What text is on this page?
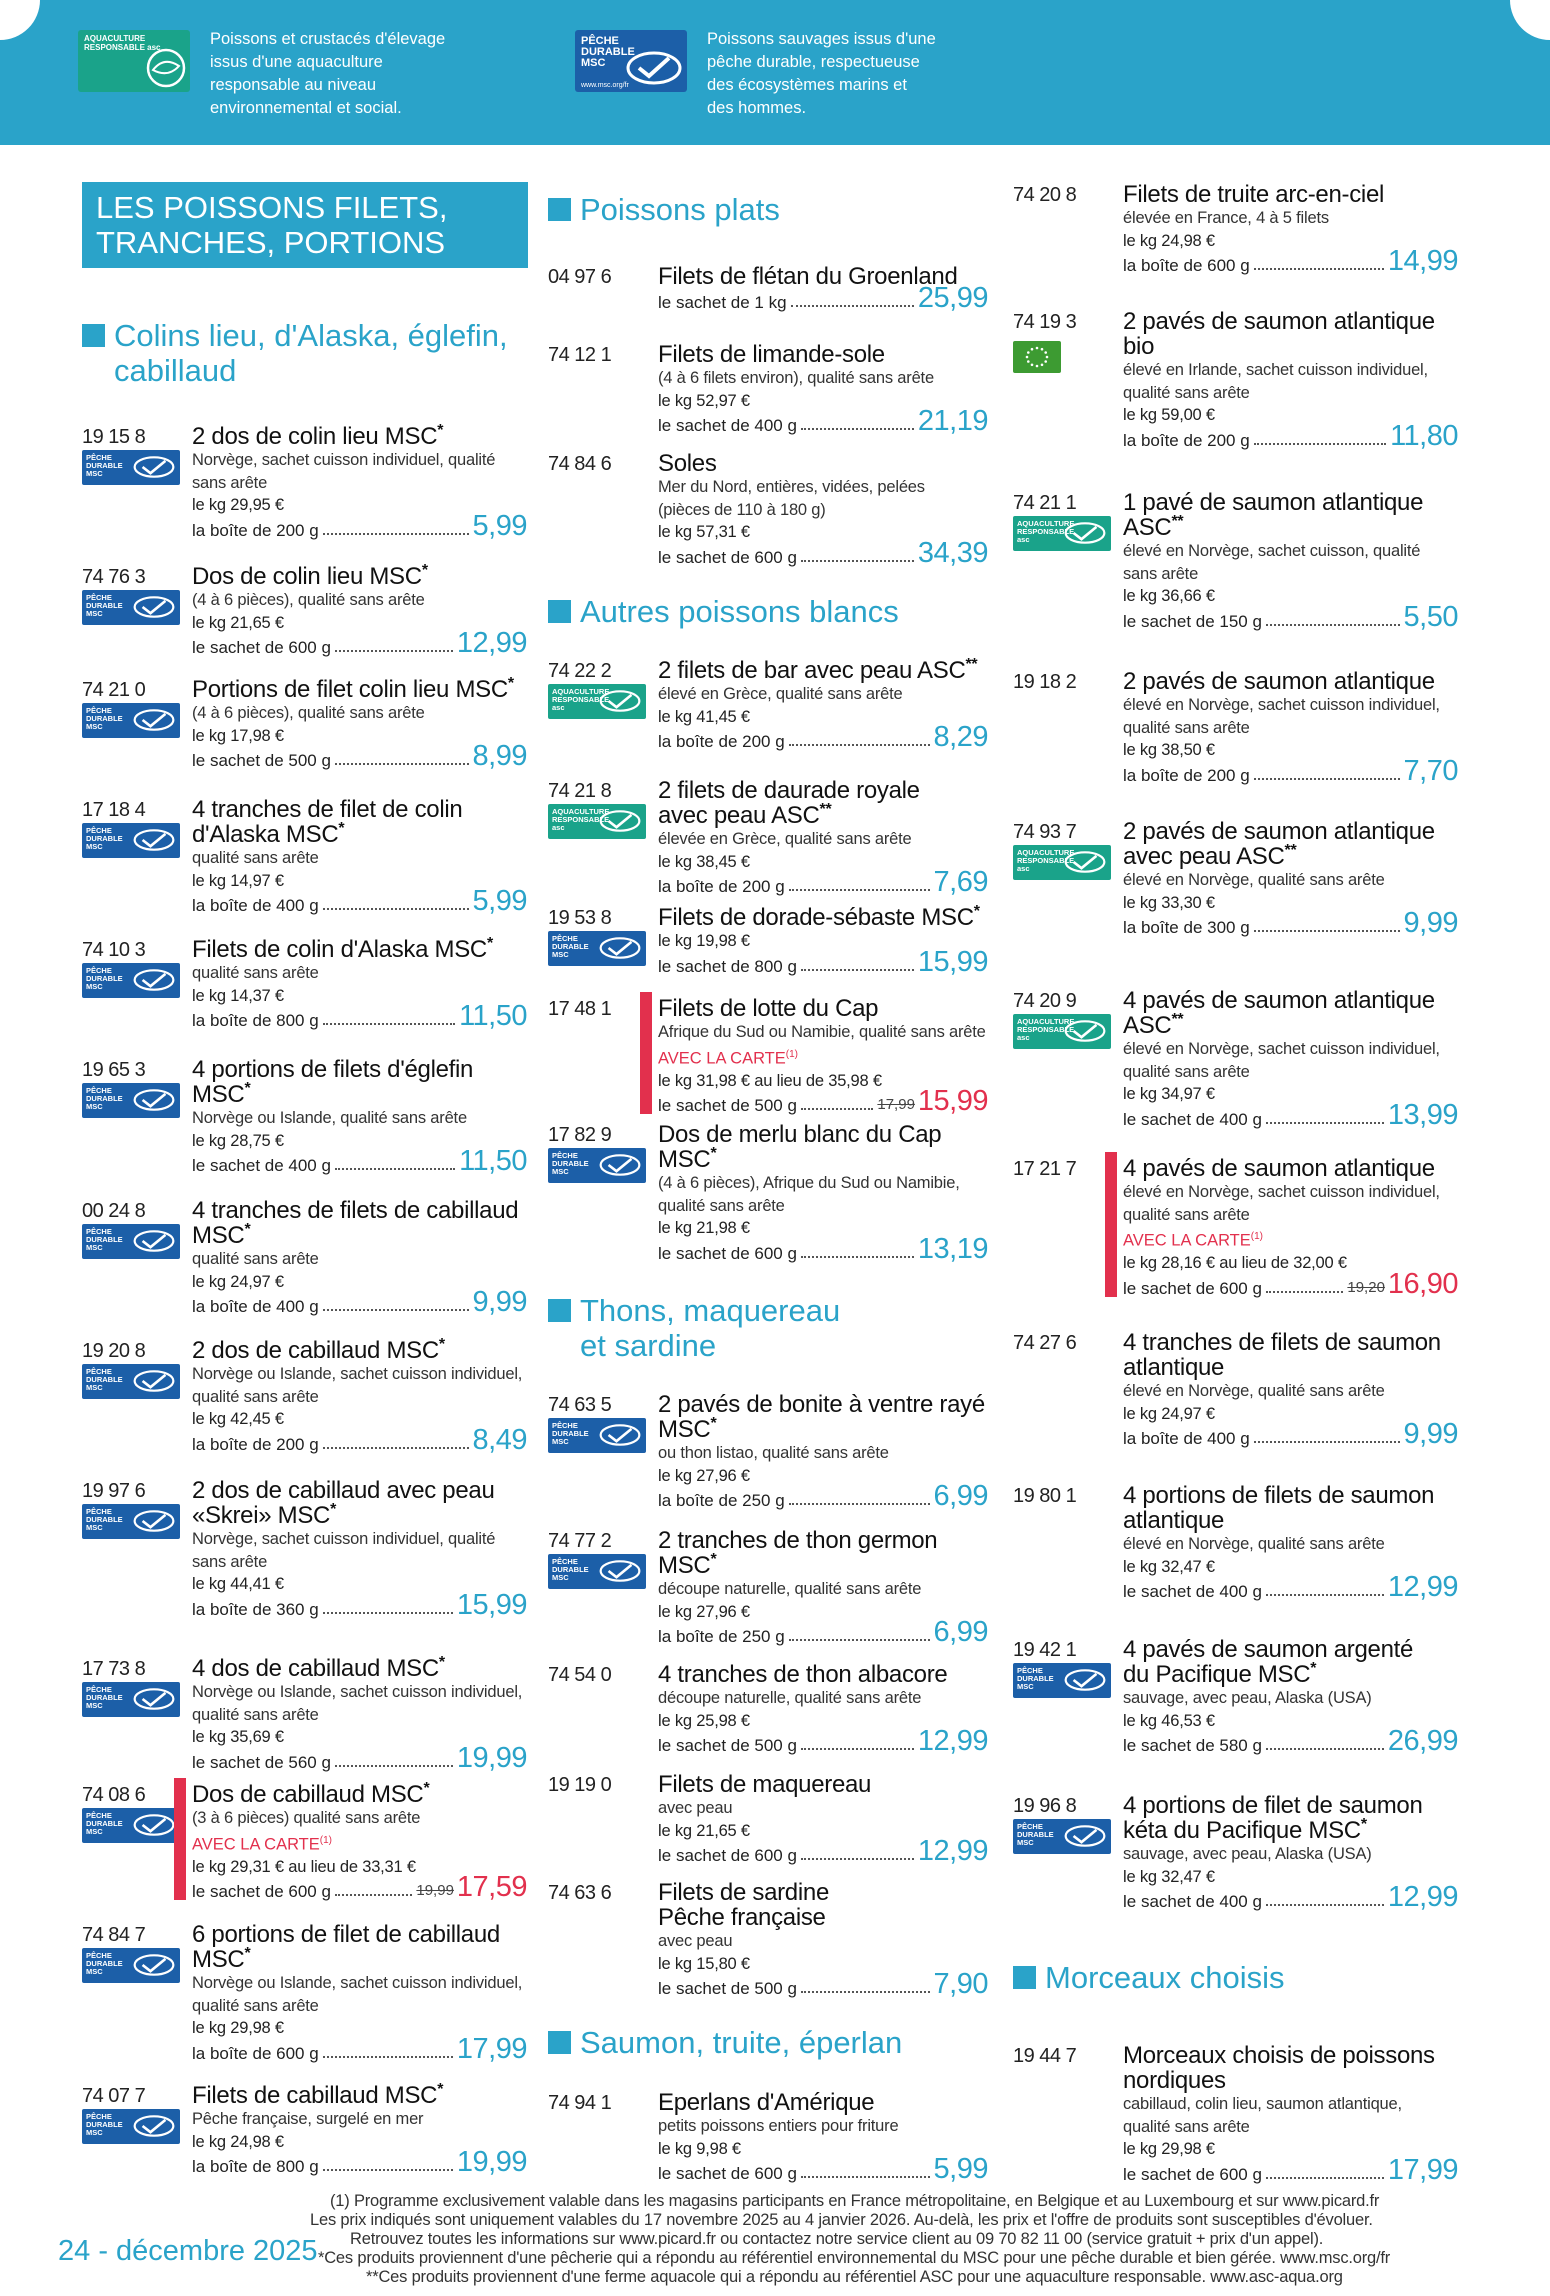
AQUACULTURE RESPONSABLE asc	Poissons et crustacés d'élevage
issus d'une aquaculture
responsable au niveau
environnemental et social.
PÊCHE DURABLE MSC
www.msc.org/fr
Poissons sauvages issus d'une
pêche durable, respectueuse
des écosystèmes marins et
des hommes.
LES POISSONS FILETS,
TRANCHES, PORTIONS
Colins lieu, d'Alaska, églefin,
cabillaud
19 15 8
PÊCHE DURABLE MSC
2 dos de colin lieu MSC*
Norvège, sachet cuisson individuel, qualité
sans arête
le kg 29,95 €
la boîte de 200 g	5,99
74 76 3
PÊCHE DURABLE MSC
Dos de colin lieu MSC*
(4 à 6 pièces), qualité sans arête
le kg 21,65 €
le sachet de 600 g	12,99
74 21 0
PÊCHE DURABLE MSC
Portions de filet colin lieu MSC*
(4 à 6 pièces), qualité sans arête
le kg 17,98 €
le sachet de 500 g	8,99
17 18 4
PÊCHE DURABLE MSC
4 tranches de filet de colin
d'Alaska MSC*
qualité sans arête
le kg 14,97 €
la boîte de 400 g	5,99
74 10 3
PÊCHE DURABLE MSC
Filets de colin d'Alaska MSC*
qualité sans arête
le kg 14,37 €
la boîte de 800 g	11,50
19 65 3
PÊCHE DURABLE MSC
4 portions de filets d'églefin
MSC*
Norvège ou Islande, qualité sans arête
le kg 28,75 €
le sachet de 400 g	11,50
00 24 8
PÊCHE DURABLE MSC
4 tranches de filets de cabillaud
MSC*
qualité sans arête
le kg 24,97 €
la boîte de 400 g	9,99
19 20 8
PÊCHE DURABLE MSC
2 dos de cabillaud MSC*
Norvège ou Islande, sachet cuisson individuel,
qualité sans arête
le kg 42,45 €
la boîte de 200 g	8,49
19 97 6
PÊCHE DURABLE MSC
2 dos de cabillaud avec peau
«Skrei» MSC*
Norvège, sachet cuisson individuel, qualité
sans arête
le kg 44,41 €
la boîte de 360 g	15,99
17 73 8
PÊCHE DURABLE MSC
4 dos de cabillaud MSC*
Norvège ou Islande, sachet cuisson individuel,
qualité sans arête
le kg 35,69 €
le sachet de 560 g	19,99
74 08 6
PÊCHE DURABLE MSC
Dos de cabillaud MSC*
(3 à 6 pièces) qualité sans arête
AVEC LA CARTE$^{(1)}$
le kg 29,31 € au lieu de 33,31 €
le sachet de 600 g	19,99 17,59
74 84 7
PÊCHE DURABLE MSC
6 portions de filet de cabillaud
MSC*
Norvège ou Islande, sachet cuisson individuel,
qualité sans arête
le kg 29,98 €
la boîte de 600 g	17,99
74 07 7
PÊCHE DURABLE MSC
Filets de cabillaud MSC*
Pêche française, surgelé en mer
le kg 24,98 €
la boîte de 800 g	19,99
Poissons plats
04 97 6 Filets de flétan du Groenland
le sachet de 1 kg	25,99
74 12 1 Filets de limande-sole
(4 à 6 filets environ), qualité sans arête
le kg 52,97 €
le sachet de 400 g	21,19
74 84 6 Soles
Mer du Nord, entières, vidées, pelées
(pièces de 110 à 180 g)
le kg 57,31 €
le sachet de 600 g	34,39
Autres poissons blancs
74 22 2
AQUACULTURE RESPONSABLE asc
2 filets de bar avec peau ASC**
élevé en Grèce, qualité sans arête
le kg 41,45 €
la boîte de 200 g	8,29
74 21 8
AQUACULTURE RESPONSABLE asc
2 filets de daurade royale
avec peau ASC**
élevée en Grèce, qualité sans arête
le kg 38,45 €
la boîte de 200 g	7,69
19 53 8
PÊCHE DURABLE MSC
Filets de dorade-sébaste MSC*
le kg 19,98 €
le sachet de 800 g	15,99
17 48 1 Filets de lotte du Cap
Afrique du Sud ou Namibie, qualité sans arête
AVEC LA CARTE$^{(1)}$
le kg 31,98 € au lieu de 35,98 €
le sachet de 500 g	17,99 15,99
17 82 9
PÊCHE DURABLE MSC
Dos de merlu blanc du Cap
MSC*
(4 à 6 pièces), Afrique du Sud ou Namibie,
qualité sans arête
le kg 21,98 €
le sachet de 600 g	13,19
Thons, maquereau
et sardine
74 63 5
PÊCHE DURABLE MSC
2 pavés de bonite à ventre rayé
MSC*
ou thon listao, qualité sans arête
le kg 27,96 €
la boîte de 250 g	6,99
74 77 2
PÊCHE DURABLE MSC
2 tranches de thon germon
MSC*
découpe naturelle, qualité sans arête
le kg 27,96 €
la boîte de 250 g	6,99
74 54 0 4 tranches de thon albacore
découpe naturelle, qualité sans arête
le kg 25,98 €
le sachet de 500 g	12,99
19 19 0 Filets de maquereau
avec peau
le kg 21,65 €
le sachet de 600 g	12,99
74 63 6 Filets de sardine
Pêche française
avec peau
le kg 15,80 €
le sachet de 500 g	7,90
Saumon, truite, éperlan
74 94 1 Eperlans d'Amérique
petits poissons entiers pour friture
le kg 9,98 €
le sachet de 600 g	5,99
74 20 8 Filets de truite arc-en-ciel
élevée en France, 4 à 5 filets
le kg 24,98 €
la boîte de 600 g	14,99
74 19 3 2 pavés de saumon atlantique
bio
élevé en Irlande, sachet cuisson individuel,
qualité sans arête
le kg 59,00 €
la boîte de 200 g	11,80
74 21 1
AQUACULTURE RESPONSABLE asc
1 pavé de saumon atlantique
ASC**
élevé en Norvège, sachet cuisson, qualité
sans arête
le kg 36,66 €
le sachet de 150 g	5,50
19 18 2 2 pavés de saumon atlantique
élevé en Norvège, sachet cuisson individuel,
qualité sans arête
le kg 38,50 €
la boîte de 200 g	7,70
74 93 7
AQUACULTURE RESPONSABLE asc
2 pavés de saumon atlantique
avec peau ASC**
élevé en Norvège, qualité sans arête
le kg 33,30 €
la boîte de 300 g	9,99
74 20 9
AQUACULTURE RESPONSABLE asc
4 pavés de saumon atlantique
ASC**
élevé en Norvège, sachet cuisson individuel,
qualité sans arête
le kg 34,97 €
le sachet de 400 g	13,99
17 21 7 4 pavés de saumon atlantique
élevé en Norvège, sachet cuisson individuel,
qualité sans arête
AVEC LA CARTE$^{(1)}$
le kg 28,16 € au lieu de 32,00 €
le sachet de 600 g	19,20 16,90
74 27 6 4 tranches de filets de saumon
atlantique
élevé en Norvège, qualité sans arête
le kg 24,97 €
la boîte de 400 g	9,99
19 80 1 4 portions de filets de saumon
atlantique
élevé en Norvège, qualité sans arête
le kg 32,47 €
le sachet de 400 g	12,99
19 42 1
PÊCHE DURABLE MSC
4 pavés de saumon argenté
du Pacifique MSC*
sauvage, avec peau, Alaska (USA)
le kg 46,53 €
le sachet de 580 g	26,99
19 96 8
PÊCHE DURABLE MSC
4 portions de filet de saumon
kéta du Pacifique MSC*
sauvage, avec peau, Alaska (USA)
le kg 32,47 €
le sachet de 400 g	12,99
Morceaux choisis
19 44 7 Morceaux choisis de poissons
nordiques
cabillaud, colin lieu, saumon atlantique,
qualité sans arête
le kg 29,98 €
le sachet de 600 g	17,99
(1) Programme exclusivement valable dans les magasins participants en France métropolitaine, en Belgique et au Luxembourg et sur www.picard.fr
Les prix indiqués sont uniquement valables du 17 novembre 2025 au 4 janvier 2026. Au-delà, les prix et l'offre de produits sont susceptibles d'évoluer.
Retrouvez toutes les informations sur www.picard.fr ou contactez notre service client au 09 70 82 11 00 (service gratuit + prix d'un appel).
*Ces produits proviennent d'une pêcherie qui a répondu au référentiel environnemental du MSC pour une pêche durable et bien gérée. www.msc.org/fr
**Ces produits proviennent d'une ferme aquacole qui a répondu au référentiel ASC pour une aquaculture responsable. www.asc-aqua.org
24 - décembre 2025
